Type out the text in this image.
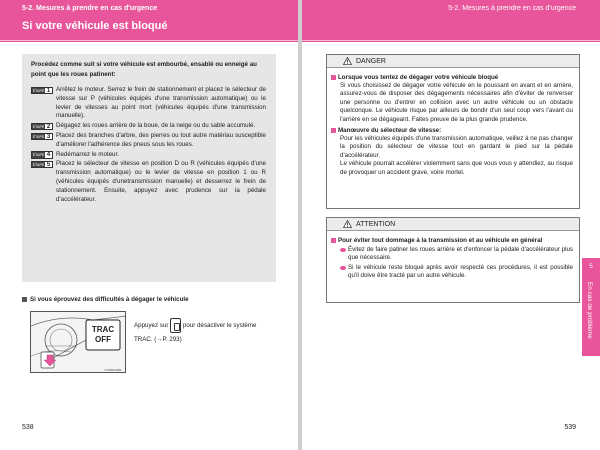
5-2. Mesures à prendre en cas d'urgence
Si votre véhicule est bloqué
5-2. Mesures à prendre en cas d'urgence
Procédez comme suit si votre véhicule est embourbé, ensablé ou enneigé au point que les roues patinent:
ÉTAPE 1 Arrêtez le moteur. Serrez le frein de stationnement et placez le sélecteur de vitesse sur P (véhicules équipés d'une transmission automatique) ou le levier de vitesses au point mort (véhicules équipés d'une transmission manuelle).
ÉTAPE 2 Dégagez les roues arrière de la boue, de la neige ou du sable accumulé.
ÉTAPE 3 Placez des branches d'arbre, des pierres ou tout autre matériau susceptible d'améliorer l'adhérence des pneus sous les roues.
ÉTAPE 4 Redémarrez le moteur.
ÉTAPE 5 Placez le sélecteur de vitesse en position D ou R (véhicules équipés d'une transmission automatique) ou le levier de vitesse en position 1 ou R (véhicules équipés d'unetransmission manuelle) et desserrez le frein de stationnement. Ensuite, appuyez avec prudence sur la pédale d'accélérateur.
Si vous éprouvez des difficultés à dégager le véhicule
TRAC
OFF
CTH56AS001
Appuyez sur pour désactiver le système TRAC. (→P. 293)
538
DANGER
Lorsque vous tentez de dégager votre véhicule bloqué
Si vous choisissez de dégager votre véhicule en le poussant en avant et en arrière, assurez-vous de disposer des dégagements nécessaires afin d'éviter de renverser une personne ou d'entrer en collision avec un autre véhicule ou un obstacle quelconque. Le véhicule risque par ailleurs de bondir d'un seul coup vers l'avant ou l'arrière en se dégageant. Faites preuve de la plus grande prudence.
Manœuvre du sélecteur de vitesse:
Pour les véhicules équipés d'une transmission automatique, veillez à ne pas changer la position du sélecteur de vitesse tout en gardant le pied sur la pédale d'accélérateur.
Le véhicule pourrait accélérer violemment sans que vous vous y attendiez, au risque de provoquer un accident grave, voire mortel.
ATTENTION
Pour éviter tout dommage à la transmission et au véhicule en général
Évitez de faire patiner les roues arrière et d'enfoncer la pédale d'accélérateur plus que nécessaire.
Si le véhicule reste bloqué après avoir respecté ces procédures, il est possible qu'il doive être tracté par un autre véhicule.
5
En cas de problème
539
